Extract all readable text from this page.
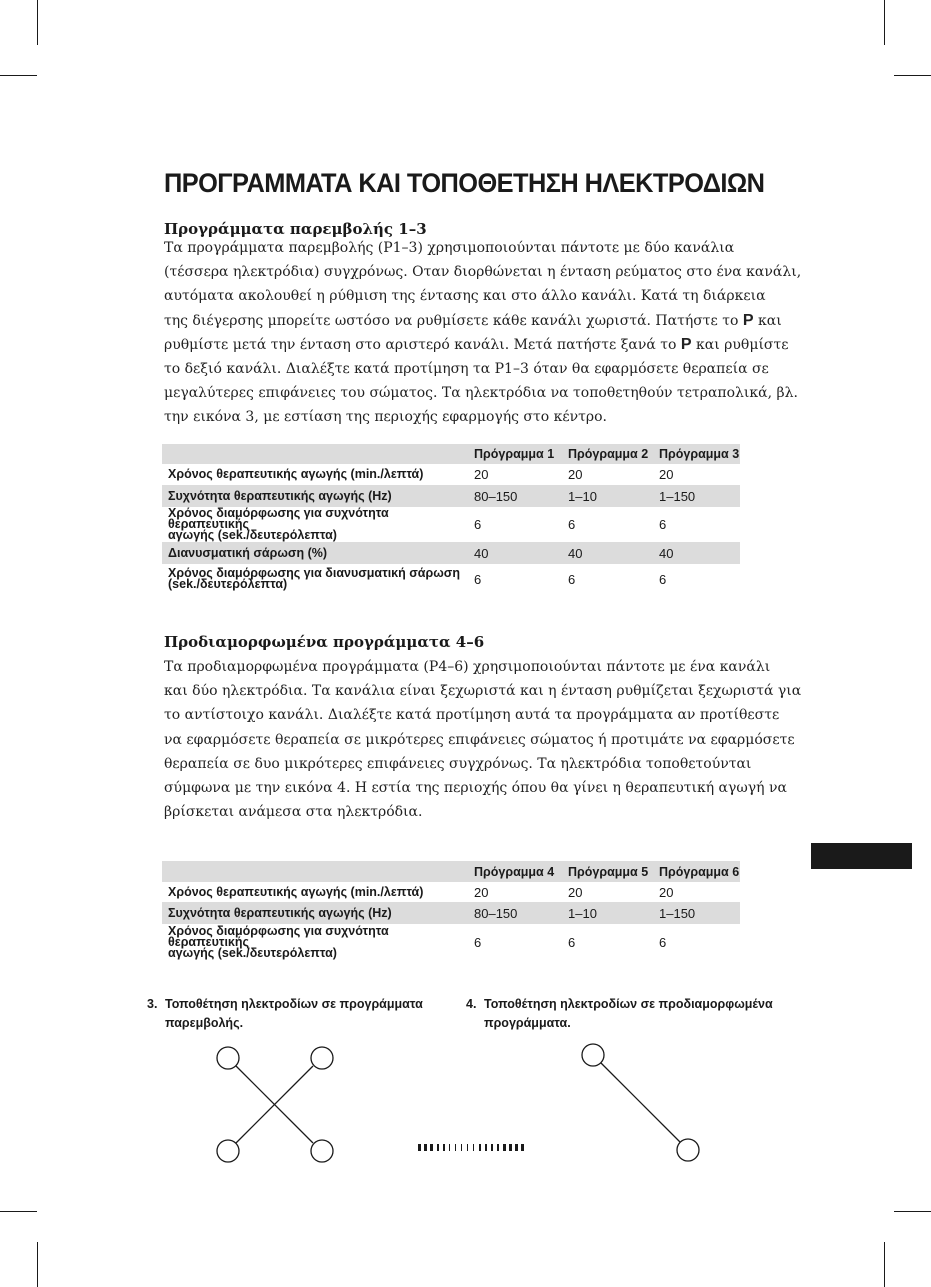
ΠΡΟΓΡΑΜΜΑΤΑ ΚΑΙ ΤΟΠΟΘΕΤΗΣΗ ΗΛΕΚΤΡΟΔΙΩΝ
Προγράμματα παρεμβολής 1–3
Τα προγράμματα παρεμβολής (P1–3) χρησιμοποιούνται πάντοτε με δύο κανάλια
(τέσσερα ηλεκτρόδια) συγχρόνως. Οταν διορθώνεται η ένταση ρεύματος στο ένα κανάλι,
αυτόματα ακολουθεί η ρύθμιση της έντασης και στο άλλο κανάλι. Κατά τη διάρκεια
της διέγερσης μπορείτε ωστόσο να ρυθμίσετε κάθε κανάλι χωριστά. Πατήστε το P και
ρυθμίστε μετά την ένταση στο αριστερό κανάλι. Μετά πατήστε ξανά το P και ρυθμίστε
το δεξιό κανάλι. Διαλέξτε κατά προτίμηση τα P1–3 όταν θα εφαρμόσετε θεραπεία σε
μεγαλύτερες επιφάνειες του σώματος. Τα ηλεκτρόδια να τοποθετηθούν τετραπολικά, βλ.
την εικόνα 3, με εστίαση της περιοχής εφαρμογής στο κέντρο.
	Πρόγραμμα 1	Πρόγραμμα 2	Πρόγραμμα 3
Χρόνος θεραπευτικής αγωγής (min./λεπτά)	20	20	20
Συχνότητα θεραπευτικής αγωγής (Hz)	80–150	1–10	1–150
Χρόνος διαμόρφωσης για συχνότητα θεραπευτικής
αγωγής (sek./δευτερόλεπτα)	6	6	6
Διανυσματική σάρωση (%)	40	40	40
Χρόνος διαμόρφωσης για διανυσματική σάρωση
(sek./δευτερόλεπτα)	6	6	6
Προδιαμορφωμένα προγράμματα 4–6
Τα προδιαμορφωμένα προγράμματα (P4–6) χρησιμοποιούνται πάντοτε με ένα κανάλι
και δύο ηλεκτρόδια. Τα κανάλια είναι ξεχωριστά και η ένταση ρυθμίζεται ξεχωριστά για
το αντίστοιχο κανάλι. Διαλέξτε κατά προτίμηση αυτά τα προγράμματα αν προτίθεστε
να εφαρμόσετε θεραπεία σε μικρότερες επιφάνειες σώματος ή προτιμάτε να εφαρμόσετε
θεραπεία σε δυο μικρότερες επιφάνειες συγχρόνως. Τα ηλεκτρόδια τοποθετούνται
σύμφωνα με την εικόνα 4. Η εστία της περιοχής όπου θα γίνει η θεραπευτική αγωγή να
βρίσκεται ανάμεσα στα ηλεκτρόδια.
	Πρόγραμμα 4	Πρόγραμμα 5	Πρόγραμμα 6
Χρόνος θεραπευτικής αγωγής (min./λεπτά)	20	20	20
Συχνότητα θεραπευτικής αγωγής (Hz)	80–150	1–10	1–150
Χρόνος διαμόρφωσης για συχνότητα θεραπευτικής
αγωγής (sek./δευτερόλεπτα)	6	6	6
3. Τοποθέτηση ηλεκτροδίων σε προγράμματα
παρεμβολής.
4. Τοποθέτηση ηλεκτροδίων σε προδιαμορφωμένα
προγράμματα.
